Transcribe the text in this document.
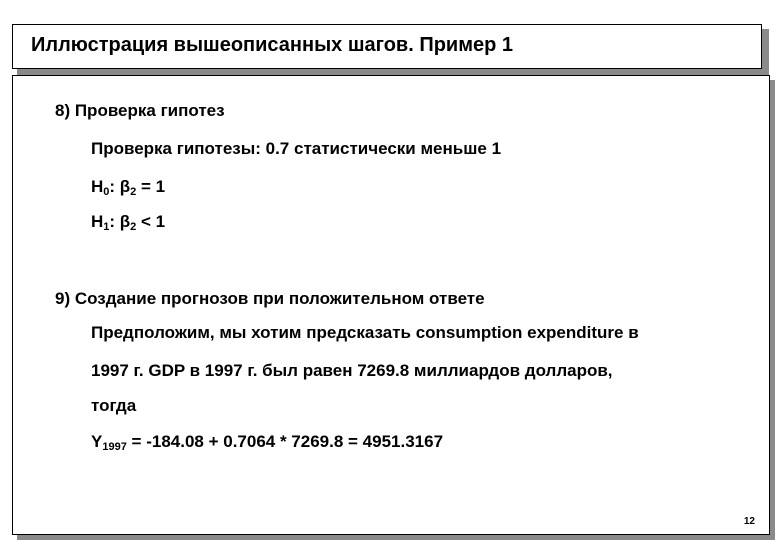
Иллюстрация вышеописанных шагов. Пример 1
8) Проверка гипотез
Проверка гипотезы: 0.7 статистически меньше 1
$H_0$: $\beta_2 = 1$
$H_1$: $\beta_2 < 1$
9) Создание прогнозов при положительном ответе
Предположим, мы хотим предсказать consumption expenditure в
1997 г. GDP в 1997 г. был равен 7269.8 миллиардов долларов,
тогда
$Y_{1997} = -184.08 + 0.7064 * 7269.8 = 4951.3167$
12
